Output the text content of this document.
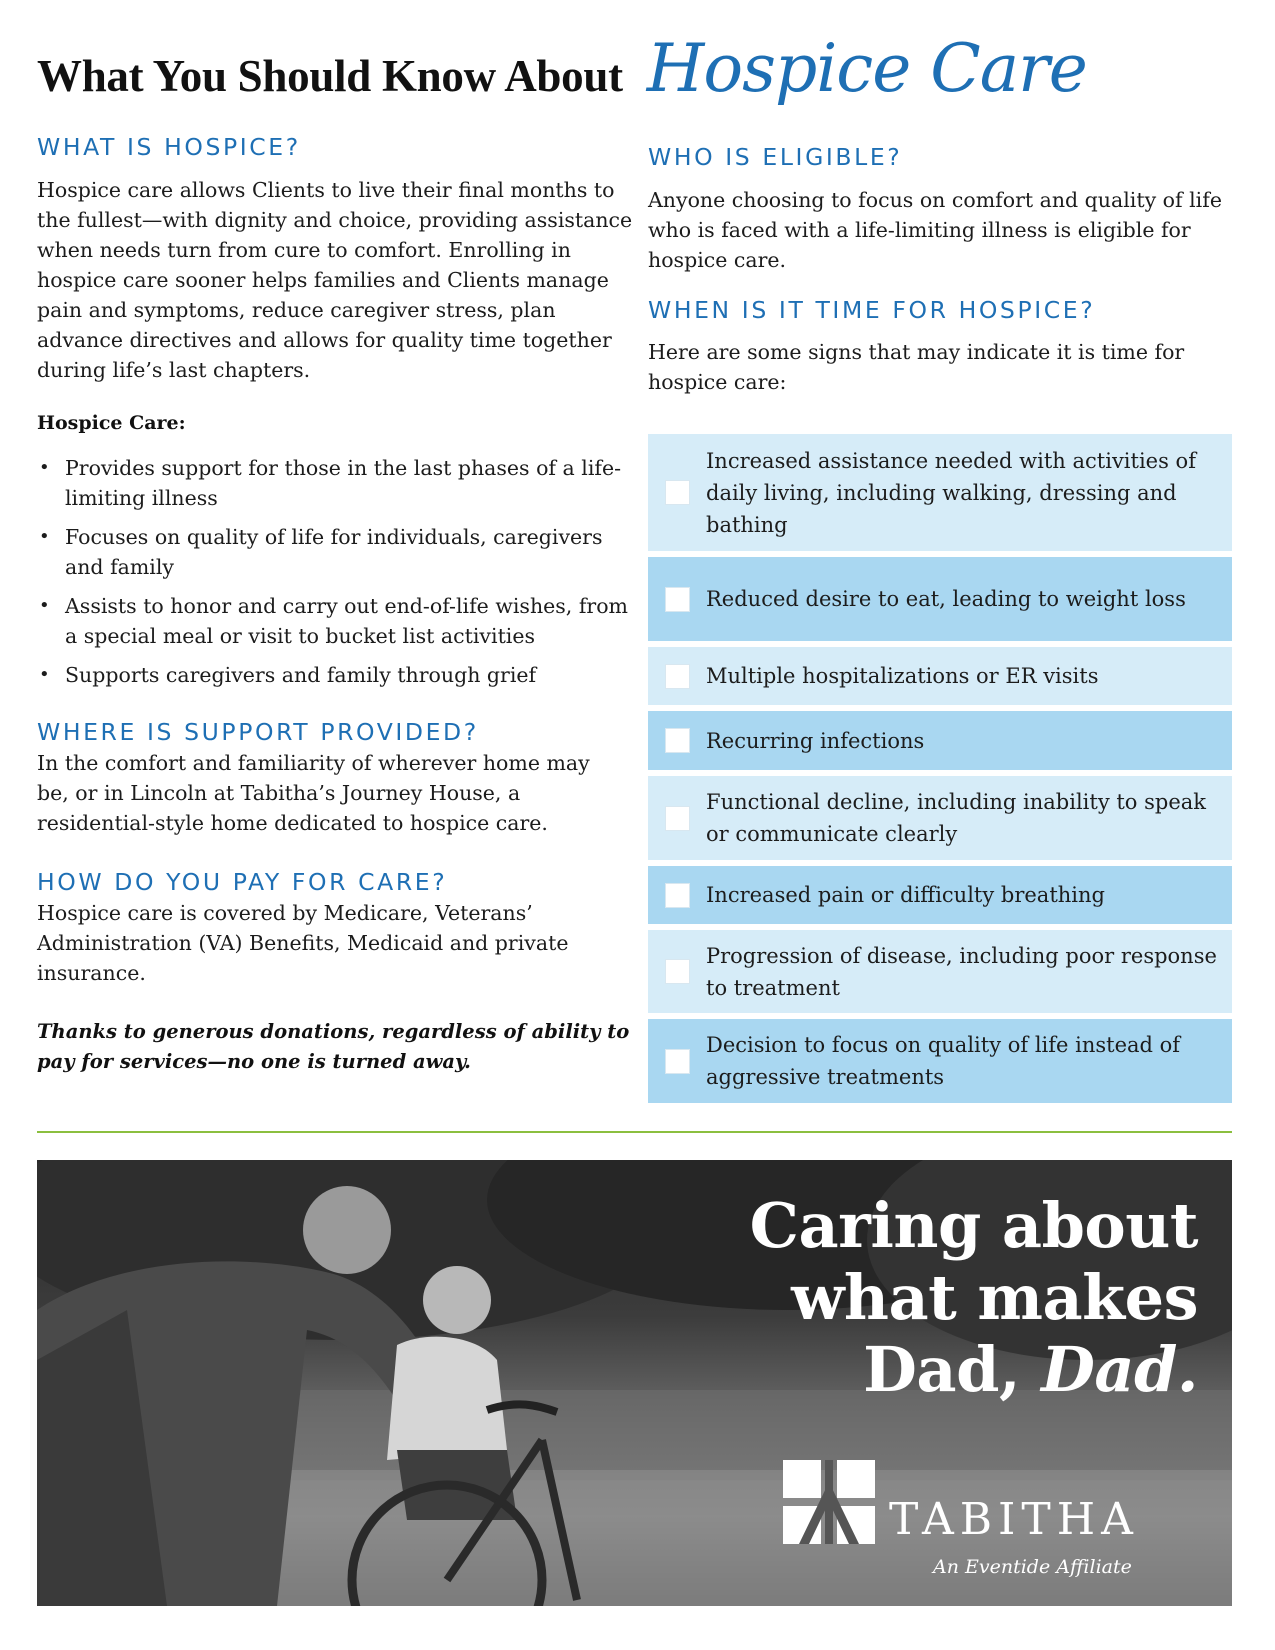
What You Should Know About Hospice Care
WHAT IS HOSPICE?

Hospice care allows Clients to live their final months to the fullest—with dignity and choice, providing assistance when needs turn from cure to comfort. Enrolling in hospice care sooner helps families and Clients manage pain and symptoms, reduce caregiver stress, plan advance directives and allows for quality time together during life’s last chapters.

Hospice Care:

• Provides support for those in the last phases of a life-limiting illness
• Focuses on quality of life for individuals, caregivers and family
• Assists to honor and carry out end-of-life wishes, from a special meal or visit to bucket list activities
• Supports caregivers and family through grief
WHERE IS SUPPORT PROVIDED?

In the comfort and familiarity of wherever home may be, or in Lincoln at Tabitha’s Journey House, a residential-style home dedicated to hospice care.

HOW DO YOU PAY FOR CARE?

Hospice care is covered by Medicare, Veterans’ Administration (VA) Benefits, Medicaid and private insurance.

Thanks to generous donations, regardless of ability to pay for services—no one is turned away.

WHO IS ELIGIBLE?

Anyone choosing to focus on comfort and quality of life who is faced with a life-limiting illness is eligible for hospice care.

WHEN IS IT TIME FOR HOSPICE?

Here are some signs that may indicate it is time for hospice care:

Increased assistance needed with activities of daily living, including walking, dressing and bathing
Reduced desire to eat, leading to weight loss
Multiple hospitalizations or ER visits
Recurring infections
Functional decline, including inability to speak or communicate clearly
Increased pain or difficulty breathing
Progression of disease, including poor response to treatment
Decision to focus on quality of life instead of aggressive treatments

Caring about
what makes
Dad, Dad.

TABITHA
An Eventide Affiliate
